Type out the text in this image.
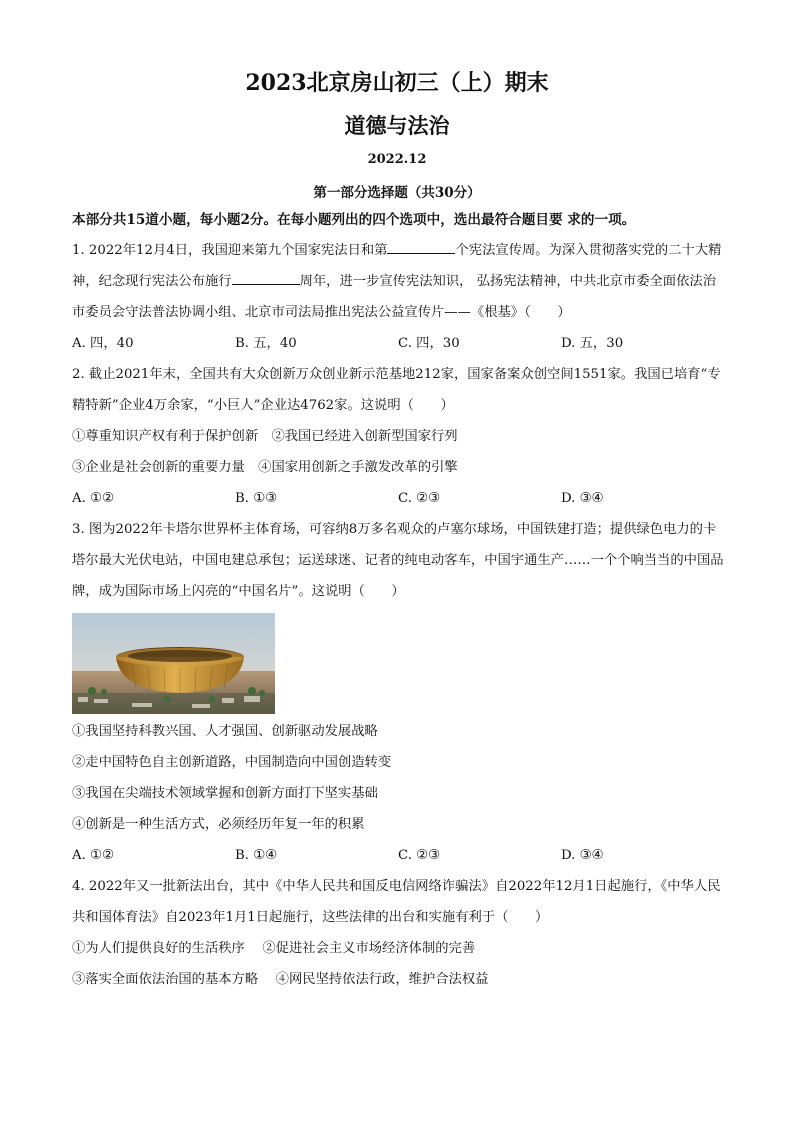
2023北京房山初三（上）期末
道德与法治
2022.12
第一部分选择题（共30分）

本部分共15道小题，每小题2分。在每小题列出的四个选项中，选出最符合题目要 求的一项。

1. 2022年12月4日，我国迎来第九个国家宪法日和第	个宪法宣传周。为深入贯彻落实党的二十大精神，纪念现行宪法公布施行	周年，进一步宣传宪法知识， 弘扬宪法精神，中共北京市委全面依法治市委员会守法普法协调小组、北京市司法局推出宪法公益宣传片——《根基》（　　）

A. 四，40	B. 五，40	C. 四，30	D. 五，30

2. 截止2021年末，全国共有大众创新万众创业新示范基地212家，国家备案众创空间1551家。我国已培育“专精特新”企业4万余家，“小巨人”企业达4762家。这说明（　　）

①尊重知识产权有利于保护创新　②我国已经进入创新型国家行列

③企业是社会创新的重要力量　④国家用创新之手激发改革的引擎

A. ①②	B. ①③	C. ②③	D. ③④

3. 图为2022年卡塔尔世界杯主体育场，可容纳8万多名观众的卢塞尔球场，中国铁建打造；提供绿色电力的卡塔尔最大光伏电站，中国电建总承包；运送球迷、记者的纯电动客车，中国宇通生产……一个个响当当的中国品牌，成为国际市场上闪亮的“中国名片”。这说明（　　）

①我国坚持科教兴国、人才强国、创新驱动发展战略

②走中国特色自主创新道路，中国制造向中国创造转变

③我国在尖端技术领域掌握和创新方面打下坚实基础

④创新是一种生活方式，必须经历年复一年的积累

A. ①②	B. ①④	C. ②③	D. ③④

4. 2022年又一批新法出台，其中《中华人民共和国反电信网络诈骗法》自2022年12月1日起施行，《中华人民共和国体育法》自2023年1月1日起施行，这些法律的出台和实施有利于（　　）

①为人们提供良好的生活秩序　 ②促进社会主义市场经济体制的完善

③落实全面依法治国的基本方略　 ④网民坚持依法行政，维护合法权益
